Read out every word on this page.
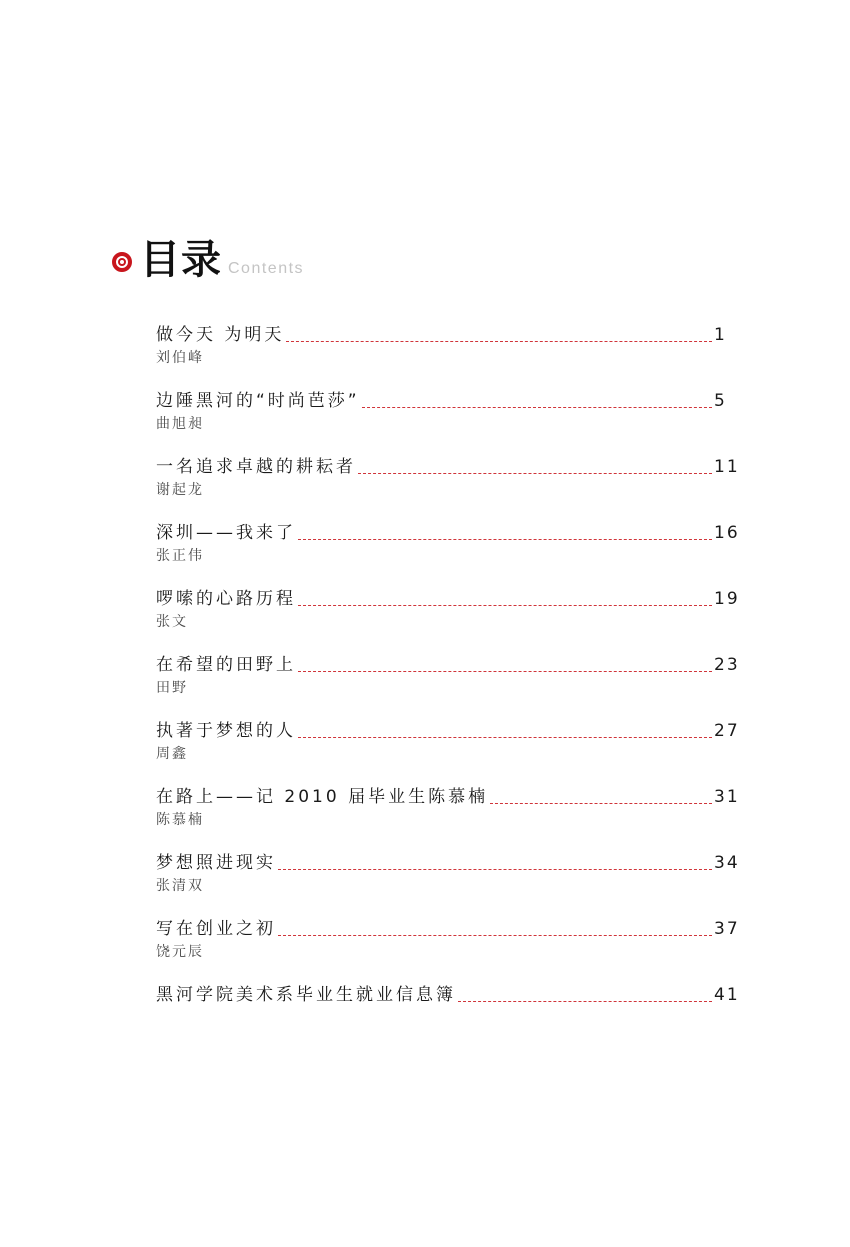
目录 Contents
做今天 为明天	1
刘伯峰
边陲黑河的“时尚芭莎”	5
曲旭昶
一名追求卓越的耕耘者	11
谢起龙
深圳——我来了	16
张正伟
啰嗦的心路历程	19
张文
在希望的田野上	23
田野
执著于梦想的人	27
周鑫
在路上——记 2010 届毕业生陈慕楠	31
陈慕楠
梦想照进现实	34
张清双
写在创业之初	37
饶元辰
黑河学院美术系毕业生就业信息簿	41
